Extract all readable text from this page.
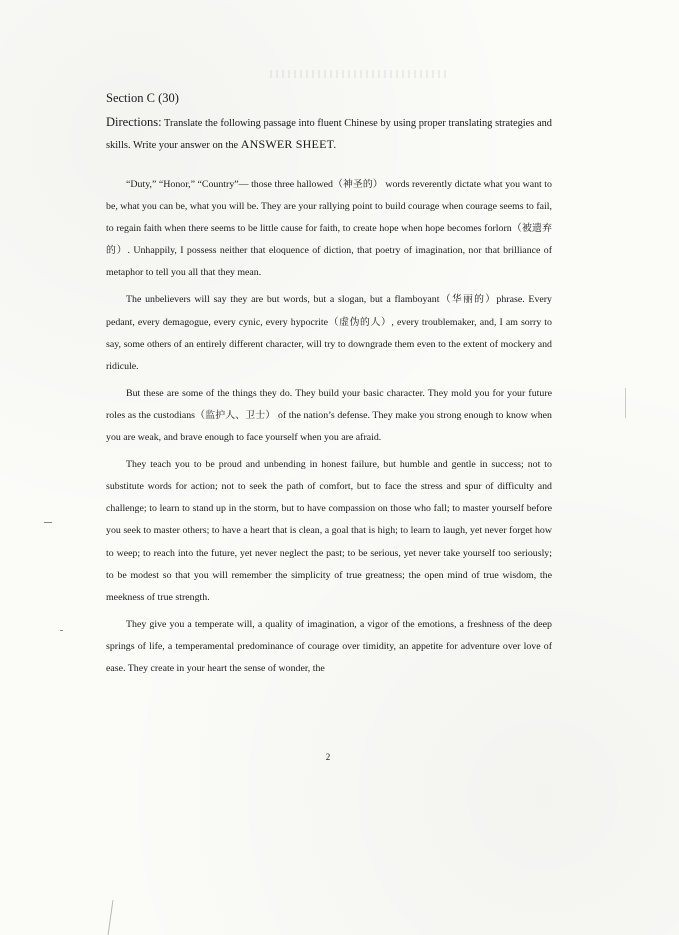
Section C (30)

Directions: Translate the following passage into fluent Chinese by using proper translating strategies and skills. Write your answer on the ANSWER SHEET.

“Duty,” “Honor,” “Country”— those three hallowed（神圣的） words reverently dictate what you want to be, what you can be, what you will be. They are your rallying point to build courage when courage seems to fail, to regain faith when there seems to be little cause for faith, to create hope when hope becomes forlorn（被遗弃的）. Unhappily, I possess neither that eloquence of diction, that poetry of imagination, nor that brilliance of metaphor to tell you all that they mean.

The unbelievers will say they are but words, but a slogan, but a flamboyant（华丽的）phrase. Every pedant, every demagogue, every cynic, every hypocrite（虚伪的人）, every troublemaker, and, I am sorry to say, some others of an entirely different character, will try to downgrade them even to the extent of mockery and ridicule.

But these are some of the things they do. They build your basic character. They mold you for your future roles as the custodians（监护人、卫士） of the nation’s defense. They make you strong enough to know when you are weak, and brave enough to face yourself when you are afraid.

They teach you to be proud and unbending in honest failure, but humble and gentle in success; not to substitute words for action; not to seek the path of comfort, but to face the stress and spur of difficulty and challenge; to learn to stand up in the storm, but to have compassion on those who fall; to master yourself before you seek to master others; to have a heart that is clean, a goal that is high; to learn to laugh, yet never forget how to weep; to reach into the future, yet never neglect the past; to be serious, yet never take yourself too seriously; to be modest so that you will remember the simplicity of true greatness; the open mind of true wisdom, the meekness of true strength.

They give you a temperate will, a quality of imagination, a vigor of the emotions, a freshness of the deep springs of life, a temperamental predominance of courage over timidity, an appetite for adventure over love of ease. They create in your heart the sense of wonder, the

2
